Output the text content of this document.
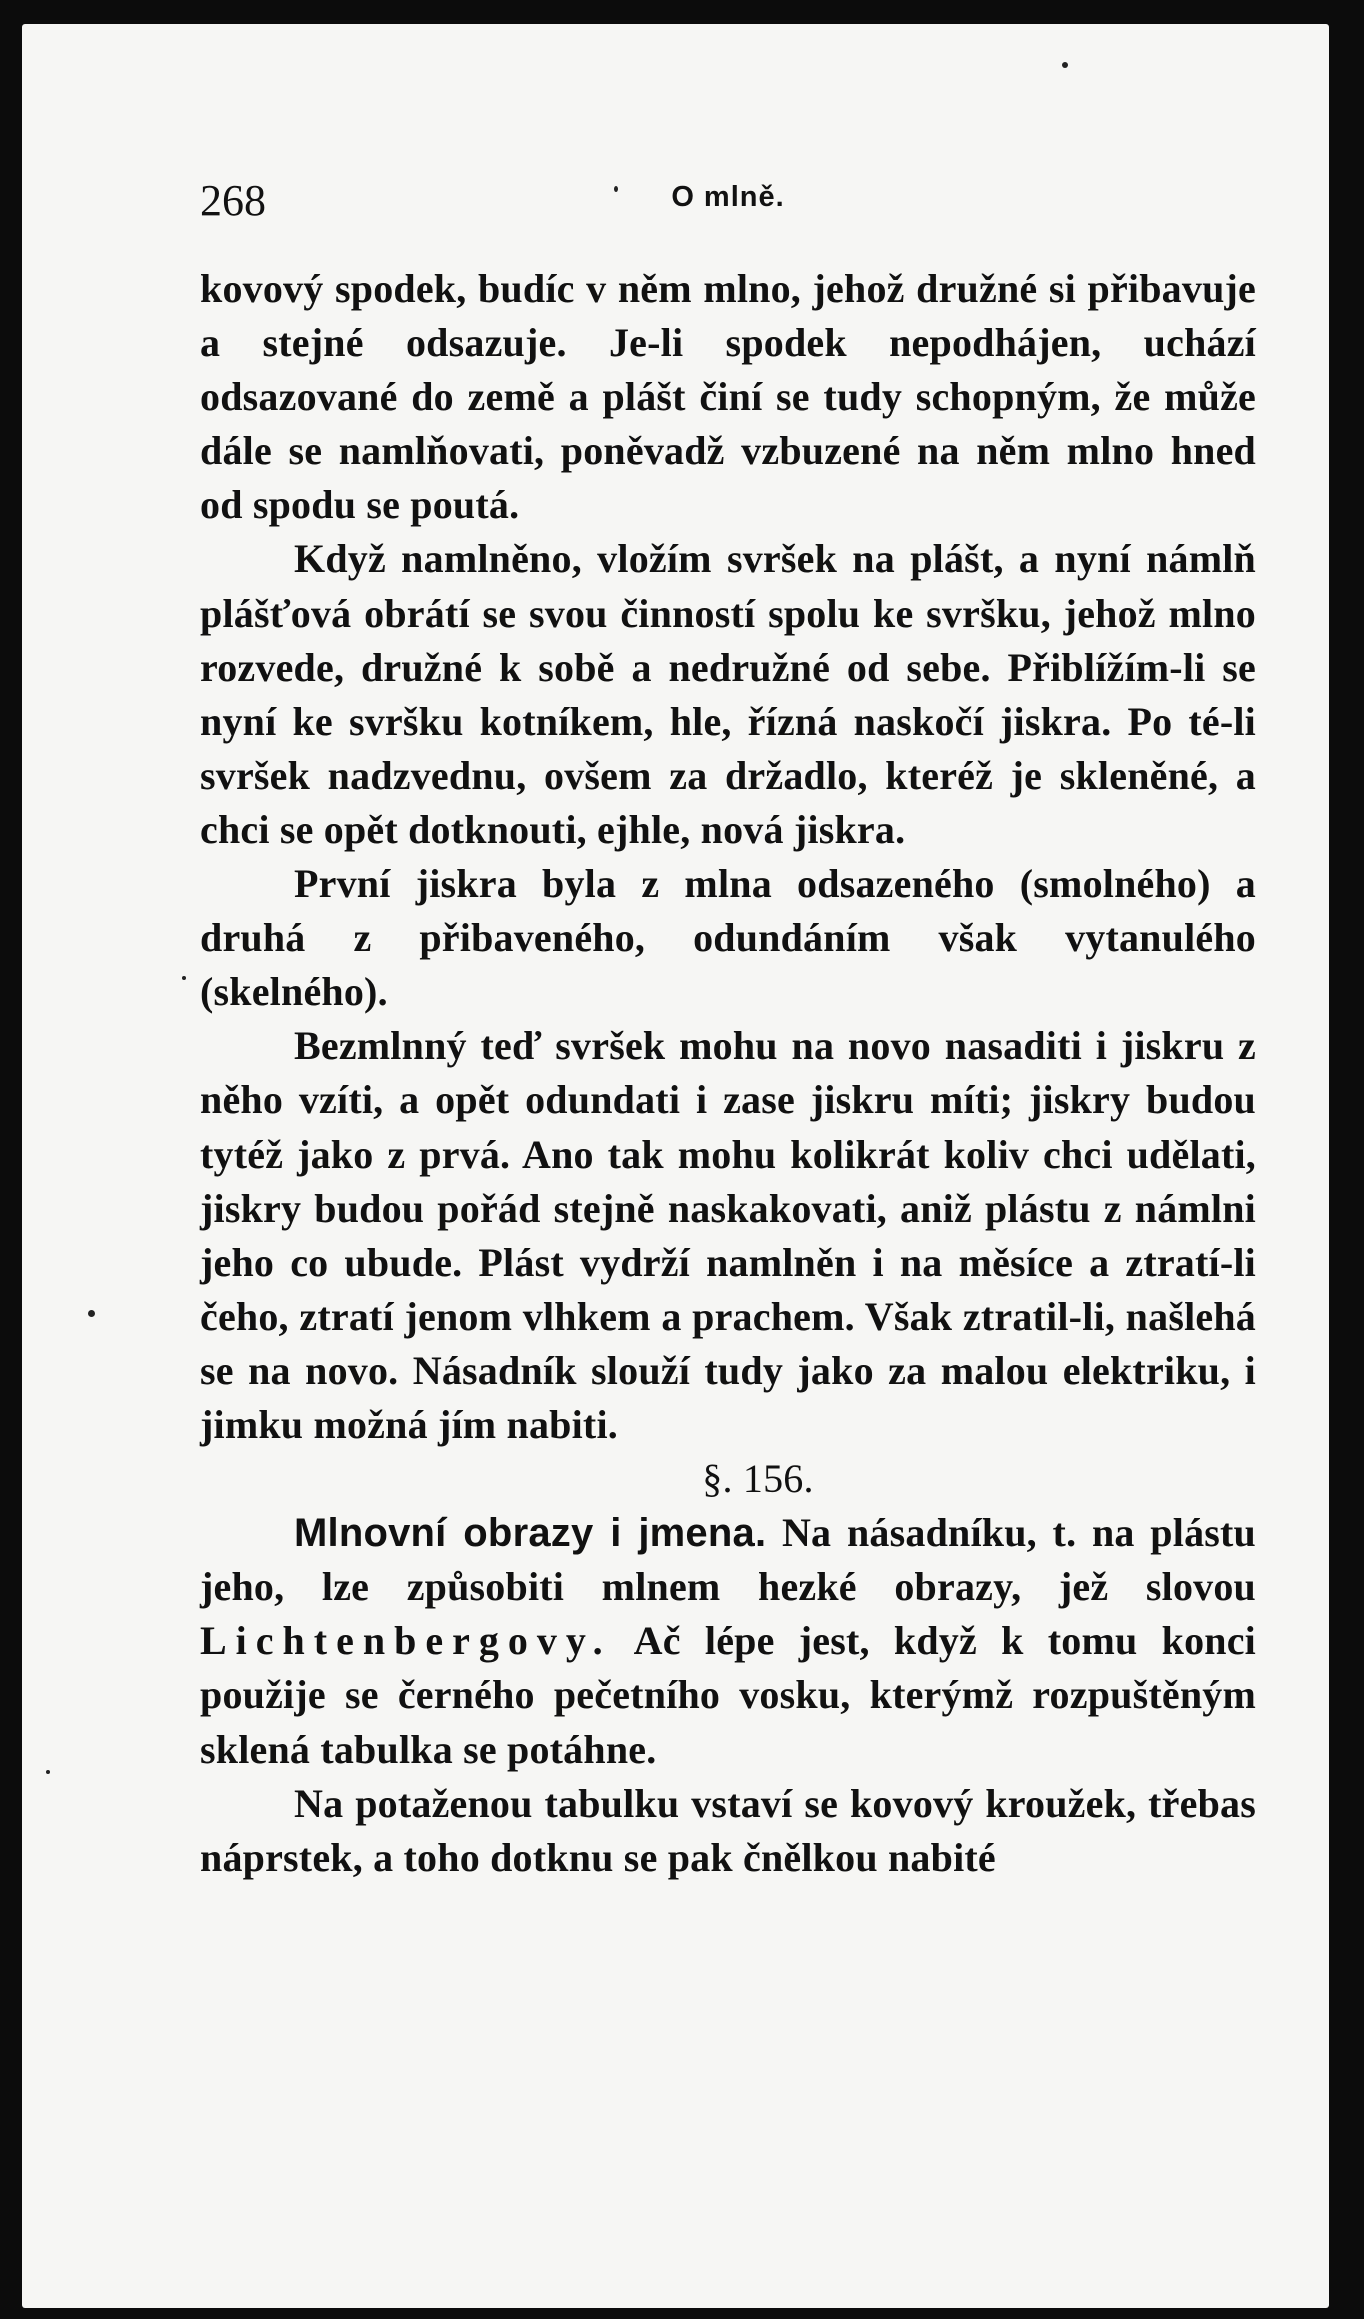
268	O mlně.

kovový spodek, budíc v něm mlno, jehož družné si přibavuje a stejné odsazuje. Je-li spodek nepodhájen, uchází odsazované do země a plášt činí se tudy schopným, že může dále se namlňovati, poněvadž vzbuzené na něm mlno hned od spodu se poutá.

Když namlněno, vložím svršek na plášt, a nyní námlň plášťová obrátí se svou činností spolu ke svršku, jehož mlno rozvede, družné k sobě a nedružné od sebe. Přiblížím-li se nyní ke svršku kotníkem, hle, řízná naskočí jiskra. Po té-li svršek nadzvednu, ovšem za držadlo, kteréž je skleněné, a chci se opět dotknouti, ejhle, nová jiskra.

První jiskra byla z mlna odsazeného (smolného) a druhá z přibaveného, odundáním však vytanulého (skelného).

Bezmlnný teď svršek mohu na novo nasaditi i jiskru z něho vzíti, a opět odundati i zase jiskru míti; jiskry budou tytéž jako z prvá. Ano tak mohu kolikrát koliv chci udělati, jiskry budou pořád stejně naskakovati, aniž plástu z námlni jeho co ubude. Plást vydrží namlněn i na měsíce a ztratí-li čeho, ztratí jenom vlhkem a prachem. Však ztratil-li, našlehá se na novo. Násadník slouží tudy jako za malou elektriku, i jimku možná jím nabiti.

§. 156.

Mlnovní obrazy i jmena. Na násadníku, t. na plástu jeho, lze způsobiti mlnem hezké obrazy, jež slovou Lichtenbergovy. Ač lépe jest, když k tomu konci použije se černého pečetního vosku, kterýmž rozpuštěným sklená tabulka se potáhne.

Na potaženou tabulku vstaví se kovový kroužek, třebas náprstek, a toho dotknu se pak čnělkou nabité
